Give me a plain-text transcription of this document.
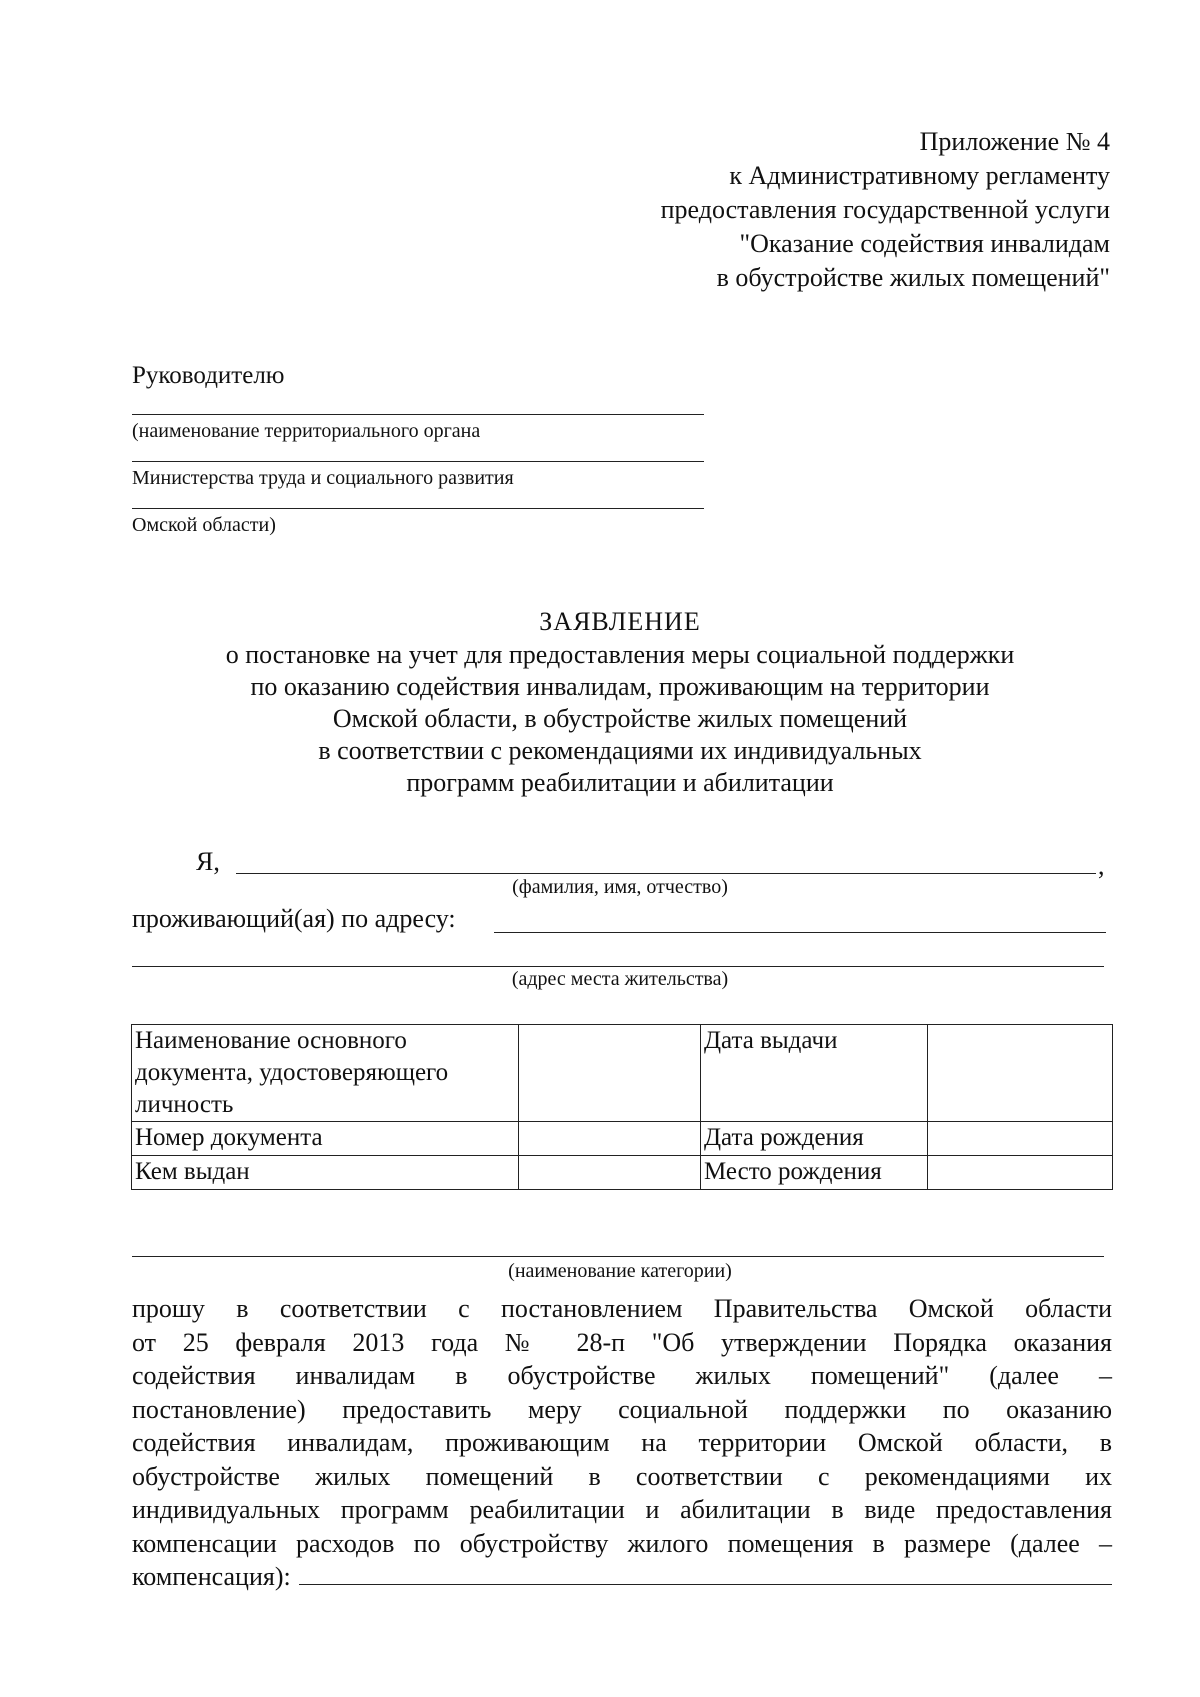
Приложение № 4
к Административному регламенту
предоставления государственной услуги
"Оказание содействия инвалидам
в обустройстве жилых помещений"
Руководителю
(наименование территориального органа
Министерства труда и социального развития
Омской области)
ЗАЯВЛЕНИЕ
о постановке на учет для предоставления меры социальной поддержки
по оказанию содействия инвалидам, проживающим на территории
Омской области, в обустройстве жилых помещений
в соответствии с рекомендациями их индивидуальных
программ реабилитации и абилитации
Я,	,
(фамилия, имя, отчество)
проживающий(ая) по адресу:
(адрес места жительства)
Наименование основного документа, удостоверяющего личность		Дата выдачи	
Номер документа		Дата рождения	
Кем выдан		Место рождения	
(наименование категории)
прошу в соответствии с постановлением Правительства Омской области
от 25 февраля 2013 года № 28-п "Об утверждении Порядка оказания
содействия инвалидам в обустройстве жилых помещений" (далее –
постановление) предоставить меру социальной поддержки по оказанию
содействия инвалидам, проживающим на территории Омской области, в
обустройстве жилых помещений в соответствии с рекомендациями их
индивидуальных программ реабилитации и абилитации в виде предоставления
компенсации расходов по обустройству жилого помещения в размере (далее –
компенсация):
